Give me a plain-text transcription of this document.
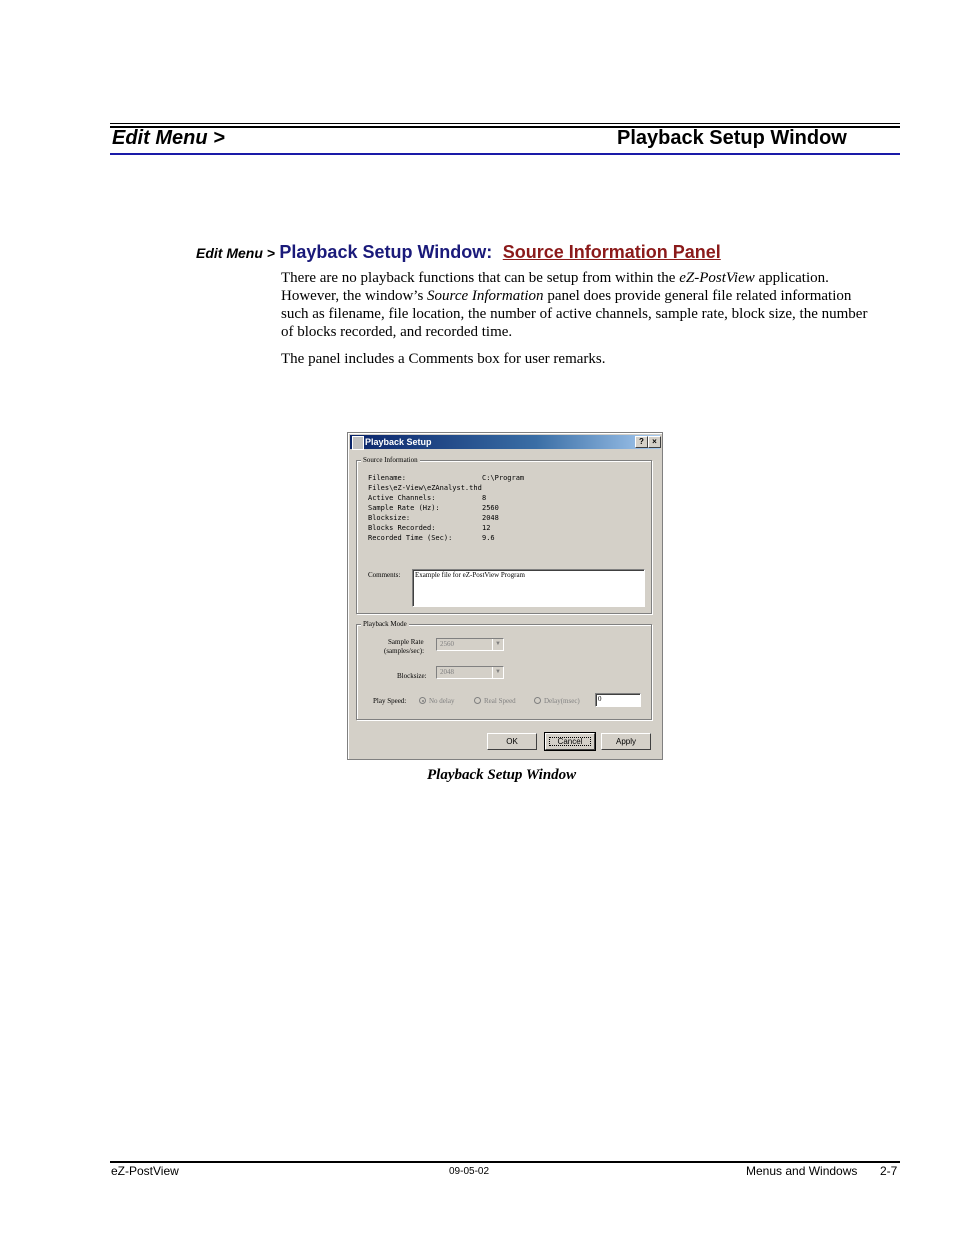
Edit Menu >	Playback Setup Window
Edit Menu > Playback Setup Window: Source Information Panel
There are no playback functions that can be setup from within the eZ-PostView application. However, the window’s Source Information panel does provide general file related information such as filename, file location, the number of active channels, sample rate, block size, the number of blocks recorded, and recorded time.
The panel includes a Comments box for user remarks.
Playback Setup	?	×
Source Information
Filename:	C:\Program
Files\eZ-View\eZAnalyst.thd
Active Channels:	8
Sample Rate (Hz):	2560
Blocksize:	2048
Blocks Recorded:	12
Recorded Time (Sec):	9.6
Comments:	Example file for eZ-PostView Program
Playback Mode
Sample Rate
(samples/sec):
2560	▼
Blocksize:	2048	▼
Play Speed:	No delay	Real Speed	Delay(msec)	0
OK	Cancel	Apply
Playback Setup Window
eZ-PostView	09-05-02	Menus and Windows 2-7
